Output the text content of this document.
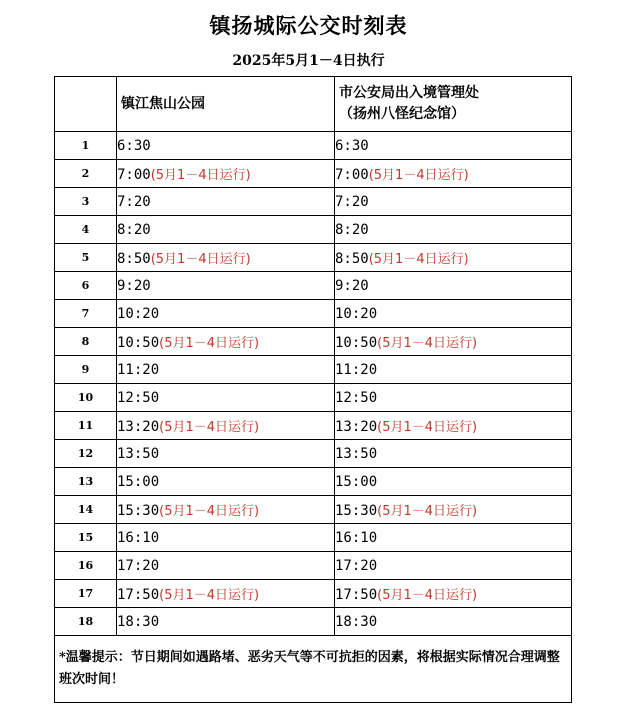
镇扬城际公交时刻表
2025年5月1－4日执行
	镇江焦山公园	市公安局出入境管理处
（扬州八怪纪念馆）

1	6:30	6:30
2	7:00(5月1－4日运行)	7:00(5月1－4日运行)
3	7:20	7:20
4	8:20	8:20
5	8:50(5月1－4日运行)	8:50(5月1－4日运行)
6	9:20	9:20
7	10:20	10:20
8	10:50(5月1－4日运行)	10:50(5月1－4日运行)
9	11:20	11:20
10	12:50	12:50
11	13:20(5月1－4日运行)	13:20(5月1－4日运行)
12	13:50	13:50
13	15:00	15:00
14	15:30(5月1－4日运行)	15:30(5月1－4日运行)
15	16:10	16:10
16	17:20	17:20
17	17:50(5月1－4日运行)	17:50(5月1－4日运行)
18	18:30	18:30
*温馨提示：节日期间如遇路堵、恶劣天气等不可抗拒的因素，将根据实际情况合理调整班次时间！		
